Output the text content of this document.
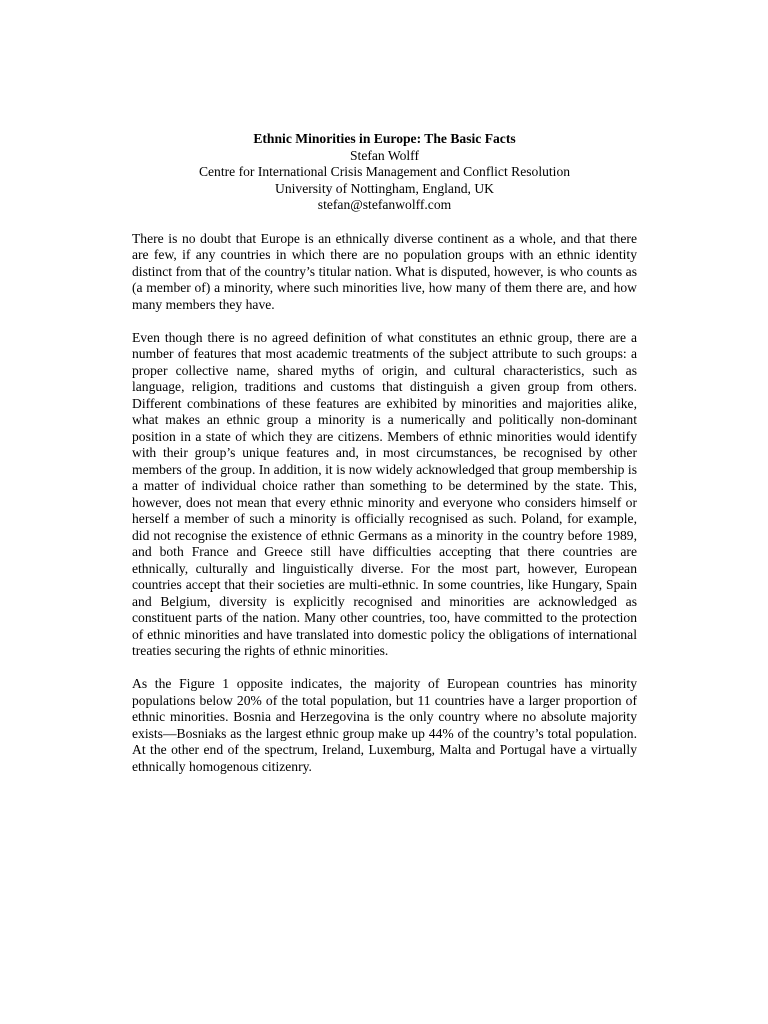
Ethnic Minorities in Europe: The Basic Facts
Stefan Wolff
Centre for International Crisis Management and Conflict Resolution
University of Nottingham, England, UK
stefan@stefanwolff.com

There is no doubt that Europe is an ethnically diverse continent as a whole, and that there are few, if any countries in which there are no population groups with an ethnic identity distinct from that of the country’s titular nation. What is disputed, however, is who counts as (a member of) a minority, where such minorities live, how many of them there are, and how many members they have.

Even though there is no agreed definition of what constitutes an ethnic group, there are a number of features that most academic treatments of the subject attribute to such groups: a proper collective name, shared myths of origin, and cultural characteristics, such as language, religion, traditions and customs that distinguish a given group from others. Different combinations of these features are exhibited by minorities and majorities alike, what makes an ethnic group a minority is a numerically and politically non-dominant position in a state of which they are citizens. Members of ethnic minorities would identify with their group’s unique features and, in most circumstances, be recognised by other members of the group. In addition, it is now widely acknowledged that group membership is a matter of individual choice rather than something to be determined by the state. This, however, does not mean that every ethnic minority and everyone who considers himself or herself a member of such a minority is officially recognised as such. Poland, for example, did not recognise the existence of ethnic Germans as a minority in the country before 1989, and both France and Greece still have difficulties accepting that there countries are ethnically, culturally and linguistically diverse. For the most part, however, European countries accept that their societies are multi-ethnic. In some countries, like Hungary, Spain and Belgium, diversity is explicitly recognised and minorities are acknowledged as constituent parts of the nation. Many other countries, too, have committed to the protection of ethnic minorities and have translated into domestic policy the obligations of international treaties securing the rights of ethnic minorities.

As the Figure 1 opposite indicates, the majority of European countries has minority populations below 20% of the total population, but 11 countries have a larger proportion of ethnic minorities. Bosnia and Herzegovina is the only country where no absolute majority exists—Bosniaks as the largest ethnic group make up 44% of the country’s total population. At the other end of the spectrum, Ireland, Luxemburg, Malta and Portugal have a virtually ethnically homogenous citizenry.
